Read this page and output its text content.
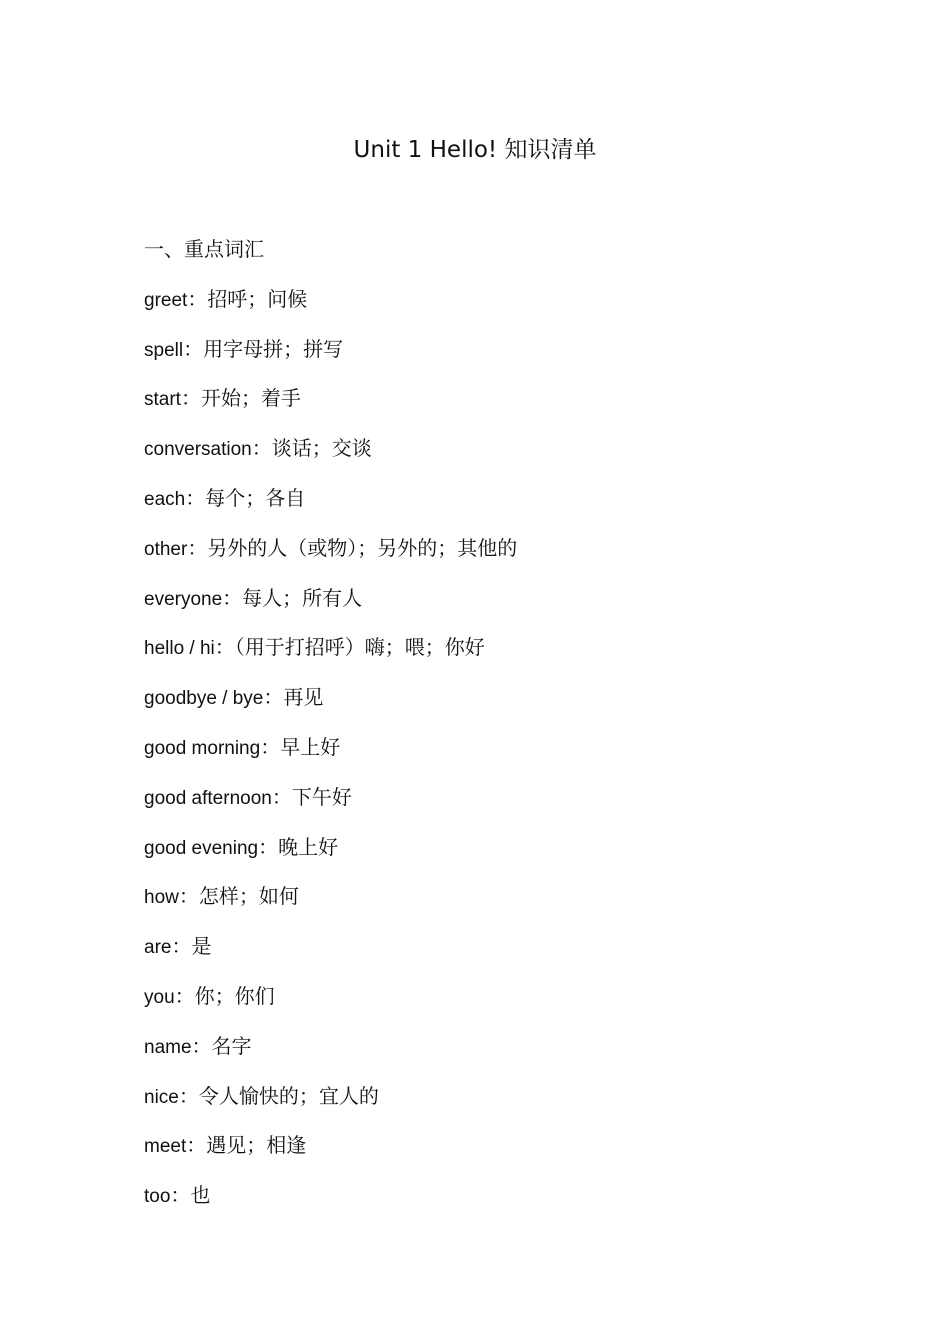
Unit 1 Hello! 知识清单
一、重点词汇
greet：招呼；问候
spell：用字母拼；拼写
start：开始；着手
conversation：谈话；交谈
each：每个；各自
other：另外的人（或物）；另外的；其他的
everyone：每人；所有人
hello / hi：（用于打招呼）嗨；喂；你好
goodbye / bye：再见
good morning：早上好
good afternoon：下午好
good evening：晚上好
how：怎样；如何
are：是
you：你；你们
name：名字
nice：令人愉快的；宜人的
meet：遇见；相逢
too：也
